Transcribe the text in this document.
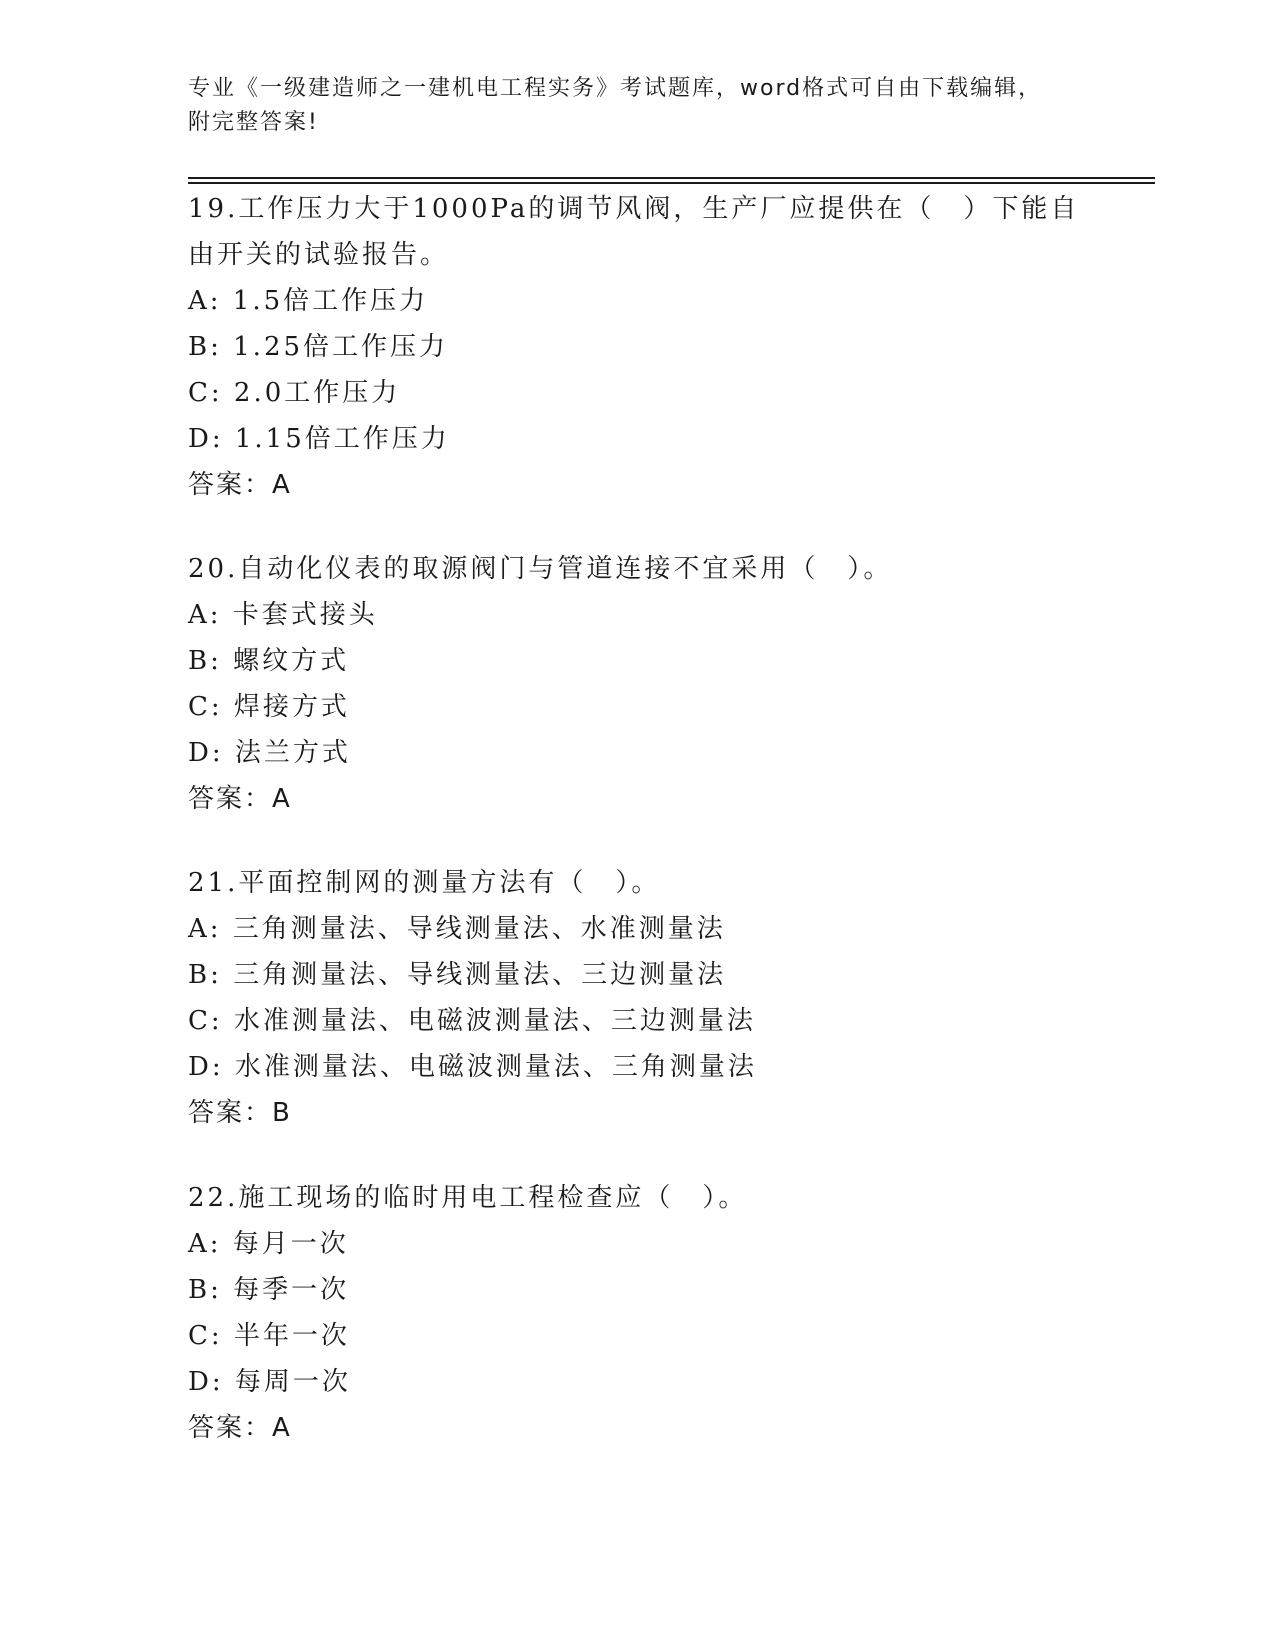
专业《一级建造师之一建机电工程实务》考试题库，word格式可自由下载编辑，
附完整答案!
19.工作压力大于1000Pa的调节风阀，生产厂应提供在（　）下能自
由开关的试验报告。
A: 1.5倍工作压力
B: 1.25倍工作压力
C: 2.0工作压力
D: 1.15倍工作压力
答案：A
20.自动化仪表的取源阀门与管道连接不宜采用（　）。
A: 卡套式接头
B: 螺纹方式
C: 焊接方式
D: 法兰方式
答案：A
21.平面控制网的测量方法有（　）。
A: 三角测量法、导线测量法、水准测量法
B: 三角测量法、导线测量法、三边测量法
C: 水准测量法、电磁波测量法、三边测量法
D: 水准测量法、电磁波测量法、三角测量法
答案：B
22.施工现场的临时用电工程检查应（　）。
A: 每月一次
B: 每季一次
C: 半年一次
D: 每周一次
答案：A
